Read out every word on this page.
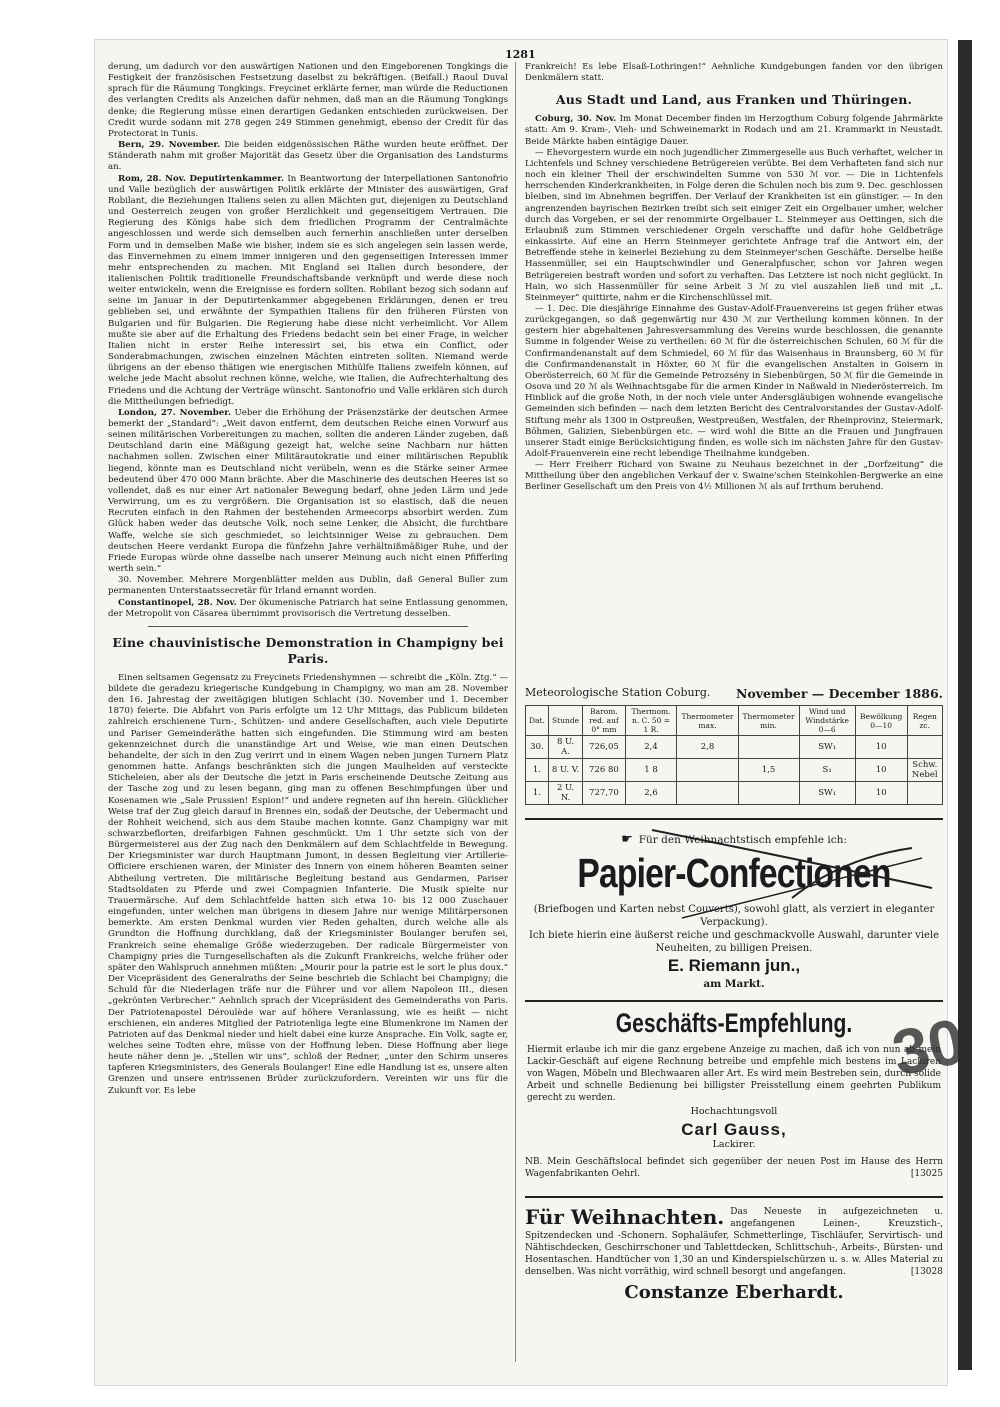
1281

derung, um dadurch vor den auswärtigen Nationen und den Eingeborenen Tongkings die Festigkeit der französischen Festsetzung daselbst zu bekräftigen. (Beifall.) Raoul Duval sprach für die Räumung Tongkings. Freycinet erklärte ferner, man würde die Reductionen des verlangten Credits als Anzeichen dafür nehmen, daß man an die Räumung Tongkings denke; die Regierung müsse einen derartigen Gedanken entschieden zurückweisen. Der Credit wurde sodann mit 278 gegen 249 Stimmen genehmigt, ebenso der Credit für das Protectorat in Tunis.

Bern, 29. November. Die beiden eidgenössischen Räthe wurden heute eröffnet. Der Ständerath nahm mit großer Majorität das Gesetz über die Organisation des Landsturms an.

Rom, 28. Nov. Deputirtenkammer. In Beantwortung der Interpellationen Santonofrio und Valle bezüglich der auswärtigen Politik erklärte der Minister des auswärtigen, Graf Robilant, die Beziehungen Italiens seien zu allen Mächten gut, diejenigen zu Deutschland und Oesterreich zeugen von großer Herzlichkeit und gegenseitigem Vertrauen. Die Regierung des Königs habe sich dem friedlichen Programm der Centralmächte angeschlossen und werde sich demselben auch fernerhin anschließen unter derselben Form und in demselben Maße wie bisher, indem sie es sich angelegen sein lassen werde, das Einvernehmen zu einem immer innigeren und den gegenseitigen Interessen immer mehr entsprechenden zu machen. Mit England sei Italien durch besondere, der italienischen Politik traditionelle Freundschaftsbande verknüpft und werde diese noch weiter entwickeln, wenn die Ereignisse es fordern sollten. Robilant bezog sich sodann auf seine im Januar in der Deputirtenkammer abgegebenen Erklärungen, denen er treu geblieben sei, und erwähnte der Sympathien Italiens für den früheren Fürsten von Bulgarien und für Bulgarien. Die Regierung habe diese nicht verheimlicht. Vor Allem mußte sie aber auf die Erhaltung des Friedens bedacht sein bei einer Frage, in welcher Italien nicht in erster Reihe interessirt sei, bis etwa ein Conflict, oder Sonderabmachungen, zwischen einzelnen Mächten eintreten sollten. Niemand werde übrigens an der ebenso thätigen wie energischen Mithülfe Italiens zweifeln können, auf welche jede Macht absolut rechnen könne, welche, wie Italien, die Aufrechterhaltung des Friedens und die Achtung der Verträge wünscht. Santonofrio und Valle erklären sich durch die Mittheilungen befriedigt.

London, 27. November. Ueber die Erhöhung der Präsenzstärke der deutschen Armee bemerkt der „Standard“: „Weit davon entfernt, dem deutschen Reiche einen Vorwurf aus seinen militärischen Vorbereitungen zu machen, sollten die anderen Länder zugeben, daß Deutschland darin eine Mäßigung gezeigt hat, welche seine Nachbarn nur hätten nachahmen sollen. Zwischen einer Militärautokratie und einer militärischen Republik liegend, könnte man es Deutschland nicht verübeln, wenn es die Stärke seiner Armee bedeutend über 470 000 Mann brächte. Aber die Maschinerie des deutschen Heeres ist so vollendet, daß es nur einer Art nationaler Bewegung bedarf, ohne jeden Lärm und jede Verwirrung, um es zu vergrößern. Die Organisation ist so elastisch, daß die neuen Recruten einfach in den Rahmen der bestehenden Armeecorps absorbirt werden. Zum Glück haben weder das deutsche Volk, noch seine Lenker, die Absicht, die furchtbare Waffe, welche sie sich geschmiedet, so leichtsinniger Weise zu gebrauchen. Dem deutschen Heere verdankt Europa die fünfzehn Jahre verhältnißmäßiger Ruhe, und der Friede Europas würde ohne dasselbe nach unserer Meinung auch nicht einen Pfifferling werth sein.“

30. November. Mehrere Morgenblätter melden aus Dublin, daß General Buller zum permanenten Unterstaatssecretär für Irland ernannt worden.

Constantinopel, 28. Nov. Der ökumenische Patriarch hat seine Entlassung genommen, der Metropolit von Cäsarea übernimmt provisorisch die Vertretung desselben.

Eine chauvinistische Demonstration in Champigny bei Paris.

Einen seltsamen Gegensatz zu Freycinets Friedenshymnen — schreibt die „Köln. Ztg.“ — bildete die geradezu kriegerische Kundgebung in Champigny, wo man am 28. November den 16. Jahrestag der zweitägigen blutigen Schlacht (30. November und 1. December 1870) feierte. Die Abfahrt von Paris erfolgte um 12 Uhr Mittags, das Publicum bildeten zahlreich erschienene Turn-, Schützen- und andere Gesellschaften, auch viele Deputirte und Pariser Gemeinderäthe hatten sich eingefunden. Die Stimmung wird am besten gekennzeichnet durch die unanständige Art und Weise, wie man einen Deutschen behandelte, der sich in den Zug verirrt und in einem Wagen neben jungen Turnern Platz genommen hatte. Anfangs beschränkten sich die jungen Maulhelden auf versteckte Sticheleien, aber als der Deutsche die jetzt in Paris erscheinende Deutsche Zeitung aus der Tasche zog und zu lesen begann, ging man zu offenen Beschimpfungen über und Kosenamen wie „Sale Prussien! Espion!“ und andere regneten auf ihn herein. Glücklicher Weise traf der Zug gleich darauf in Brennes ein, sodaß der Deutsche, der Uebermacht und der Rohheit weichend, sich aus dem Staube machen konnte. Ganz Champigny war mit schwarzbeflorten, dreifarbigen Fahnen geschmückt. Um 1 Uhr setzte sich von der Bürgermeisterei aus der Zug nach den Denkmälern auf dem Schlachtfelde in Bewegung. Der Kriegsminister war durch Hauptmann Jumont, in dessen Begleitung vier Artillerie-Officiere erschienen waren, der Minister des Innern von einem höheren Beamten seiner Abtheilung vertreten. Die militärische Begleitung bestand aus Gendarmen, Pariser Stadtsoldaten zu Pferde und zwei Compagnien Infanterie. Die Musik spielte nur Trauermärsche. Auf dem Schlachtfelde hatten sich etwa 10- bis 12 000 Zuschauer eingefunden, unter welchen man übrigens in diesem Jahre nur wenige Militärpersonen bemerkte. Am ersten Denkmal wurden vier Reden gehalten, durch welche alle als Grundton die Hoffnung durchklang, daß der Kriegsminister Boulanger berufen sei, Frankreich seine ehemalige Größe wiederzugeben. Der radicale Bürgermeister von Champigny pries die Turngesellschaften als die Zukunft Frankreichs, welche früher oder später den Wahlspruch annehmen müßten: „Mourir pour la patrie est le sort le plus doux.“ Der Vicepräsident des Generalraths der Seine beschrieb die Schlacht bei Champigny; die Schuld für die Niederlagen träfe nur die Führer und vor allem Napoleon III., diesen „gekrönten Verbrecher.“ Aehnlich sprach der Vicepräsident des Gemeinderaths von Paris. Der Patriotenapostel Déroulède war auf höhere Veranlassung, wie es heißt — nicht erschienen, ein anderes Mitglied der Patriotenliga legte eine Blumenkrone im Namen der Patrioten auf das Denkmal nieder und hielt dabei eine kurze Ansprache. Ein Volk, sagte er, welches seine Todten ehre, müsse von der Hoffnung leben. Diese Hoffnung aber liege heute näher denn je. „Stellen wir uns“, schloß der Redner, „unter den Schirm unseres tapferen Kriegsministers, des Generals Boulanger! Eine edle Handlung ist es, unsere alten Grenzen und unsere entrissenen Brüder zurückzufordern. Vereinten wir uns für die Zukunft vor. Es lebe

Frankreich! Es lebe Elsaß-Lothringen!“ Aehnliche Kundgebungen fanden vor den übrigen Denkmälern statt.

Aus Stadt und Land, aus Franken und Thüringen.

Coburg, 30. Nov. Im Monat December finden im Herzogthum Coburg folgende Jahrmärkte statt: Am 9. Kram-, Vieh- und Schweinemarkt in Rodach und am 21. Krammarkt in Neustadt. Beide Märkte haben eintägige Dauer.

— Ehevorgestern wurde ein noch jugendlicher Zimmergeselle aus Buch verhaftet, welcher in Lichtenfels und Schney verschiedene Betrügereien verübte. Bei dem Verhafteten fand sich nur noch ein kleiner Theil der erschwindelten Summe von 530 ℳ vor. — Die in Lichtenfels herrschenden Kinderkrankheiten, in Folge deren die Schulen noch bis zum 9. Dec. geschlossen bleiben, sind im Abnehmen begriffen. Der Verlauf der Krankheiten ist ein günstiger. — In den angrenzenden bayrischen Bezirken treibt sich seit einiger Zeit ein Orgelbauer umher, welcher durch das Vorgeben, er sei der renommirte Orgelbauer L. Steinmeyer aus Oettingen, sich die Erlaubniß zum Stimmen verschiedener Orgeln verschaffte und dafür hohe Geldbeträge einkassirte. Auf eine an Herrn Steinmeyer gerichtete Anfrage traf die Antwort ein, der Betreffende stehe in keinerlei Beziehung zu dem Steinmeyer'schen Geschäfte. Derselbe heiße Hassenmüller, sei ein Hauptschwindler und Generalpfuscher, schon vor Jahren wegen Betrügereien bestraft worden und sofort zu verhaften. Das Letztere ist noch nicht geglückt. In Hain, wo sich Hassenmüller für seine Arbeit 3 ℳ zu viel auszahlen ließ und mit „L. Steinmeyer“ quittirte, nahm er die Kirchenschlüssel mit.

— 1. Dec. Die diesjährige Einnahme des Gustav-Adolf-Frauenvereins ist gegen früher etwas zurückgegangen, so daß gegenwärtig nur 430 ℳ zur Vertheilung kommen können. In der gestern hier abgehaltenen Jahresversammlung des Vereins wurde beschlossen, die genannte Summe in folgender Weise zu vertheilen: 60 ℳ für die österreichischen Schulen, 60 ℳ für die Confirmandenanstalt auf dem Schmiedel, 60 ℳ für das Waisenhaus in Braunsberg, 60 ℳ für die Confirmandenanstalt in Höxter, 60 ℳ für die evangelischen Anstalten in Goisern in Oberösterreich, 60 ℳ für die Gemeinde Petrozsény in Siebenbürgen, 50 ℳ für die Gemeinde in Osova und 20 ℳ als Weihnachtsgabe für die armen Kinder in Naßwald in Niederösterreich. Im Hinblick auf die große Noth, in der noch viele unter Andersgläubigen wohnende evangelische Gemeinden sich befinden — nach dem letzten Bericht des Centralvorstandes der Gustav-Adolf-Stiftung mehr als 1300 in Ostpreußen, Westpreußen, Westfalen, der Rheinprovinz, Steiermark, Böhmen, Galizien, Siebenbürgen etc. — wird wohl die Bitte an die Frauen und Jungfrauen unserer Stadt einige Berücksichtigung finden, es wolle sich im nächsten Jahre für den Gustav-Adolf-Frauenverein eine recht lebendige Theilnahme kundgeben.

— Herr Freiherr Richard von Swaine zu Neuhaus bezeichnet in der „Dorfzeitung“ die Mittheilung über den angeblichen Verkauf der v. Swaine'schen Steinkohlen-Bergwerke an eine Berliner Gesellschaft um den Preis von 4½ Millionen ℳ als auf Irrthum beruhend.

Meteorologische Station Coburg. November — December 1886.
Dat.	Stunde	Barom. red. auf 0° mm	Thermom. n. C. 50 = 1 R.	Thermometer max.	Thermometer min.	Wind und Windstärke 0—6	Bewölkung 0—10	Regen zc.
30.	8 U. A.	726,05	2,4	2,8		SW₁	10	
1.	8 U. V.	726 80	1 8		1,5	S₁	10	Schw. Nebel
1.	2 U. N.	727,70	2,6			SW₁	10	
☛ Für den Weihnachtstisch empfehle ich:
Papier-Confectionen
(Briefbogen und Karten nebst Couverts), sowohl glatt, als verziert in eleganter Verpackung).
Ich biete hierin eine äußerst reiche und geschmackvolle Auswahl, darunter viele Neuheiten, zu billigen Preisen.
E. Riemann jun.,
am Markt.
Geschäfts-Empfehlung.
Hiermit erlaube ich mir die ganz ergebene Anzeige zu machen, daß ich von nun ab mein Lackir-Geschäft auf eigene Rechnung betreibe und empfehle mich bestens im Lackiren von Wagen, Möbeln und Blechwaaren aller Art. Es wird mein Bestreben sein, durch solide Arbeit und schnelle Bedienung bei billigster Preisstellung einem geehrten Publikum gerecht zu werden.
Hochachtungsvoll
Carl Gauss,
Lackirer.
NB. Mein Geschäftslocal befindet sich gegenüber der neuen Post im Hause des Herrn Wagenfabrikanten Oehrl.	[13025
30
Für Weihnachten. Das Neueste in aufgezeichneten u. angefangenen Leinen-, Kreuzstich-, Spitzendecken und -Schonern. Sophaläufer, Schmetterlinge, Tischläufer, Servirtisch- und Nähtischdecken, Geschirrschoner und Tablettdecken, Schlittschuh-, Arbeits-, Bürsten- und Hosentaschen. Handtücher von 1,30 an und Kinderspielschürzen u. s. w. Alles Material zu denselben. Was nicht vorräthig, wird schnell besorgt und angefangen.	[13028
Constanze Eberhardt.
